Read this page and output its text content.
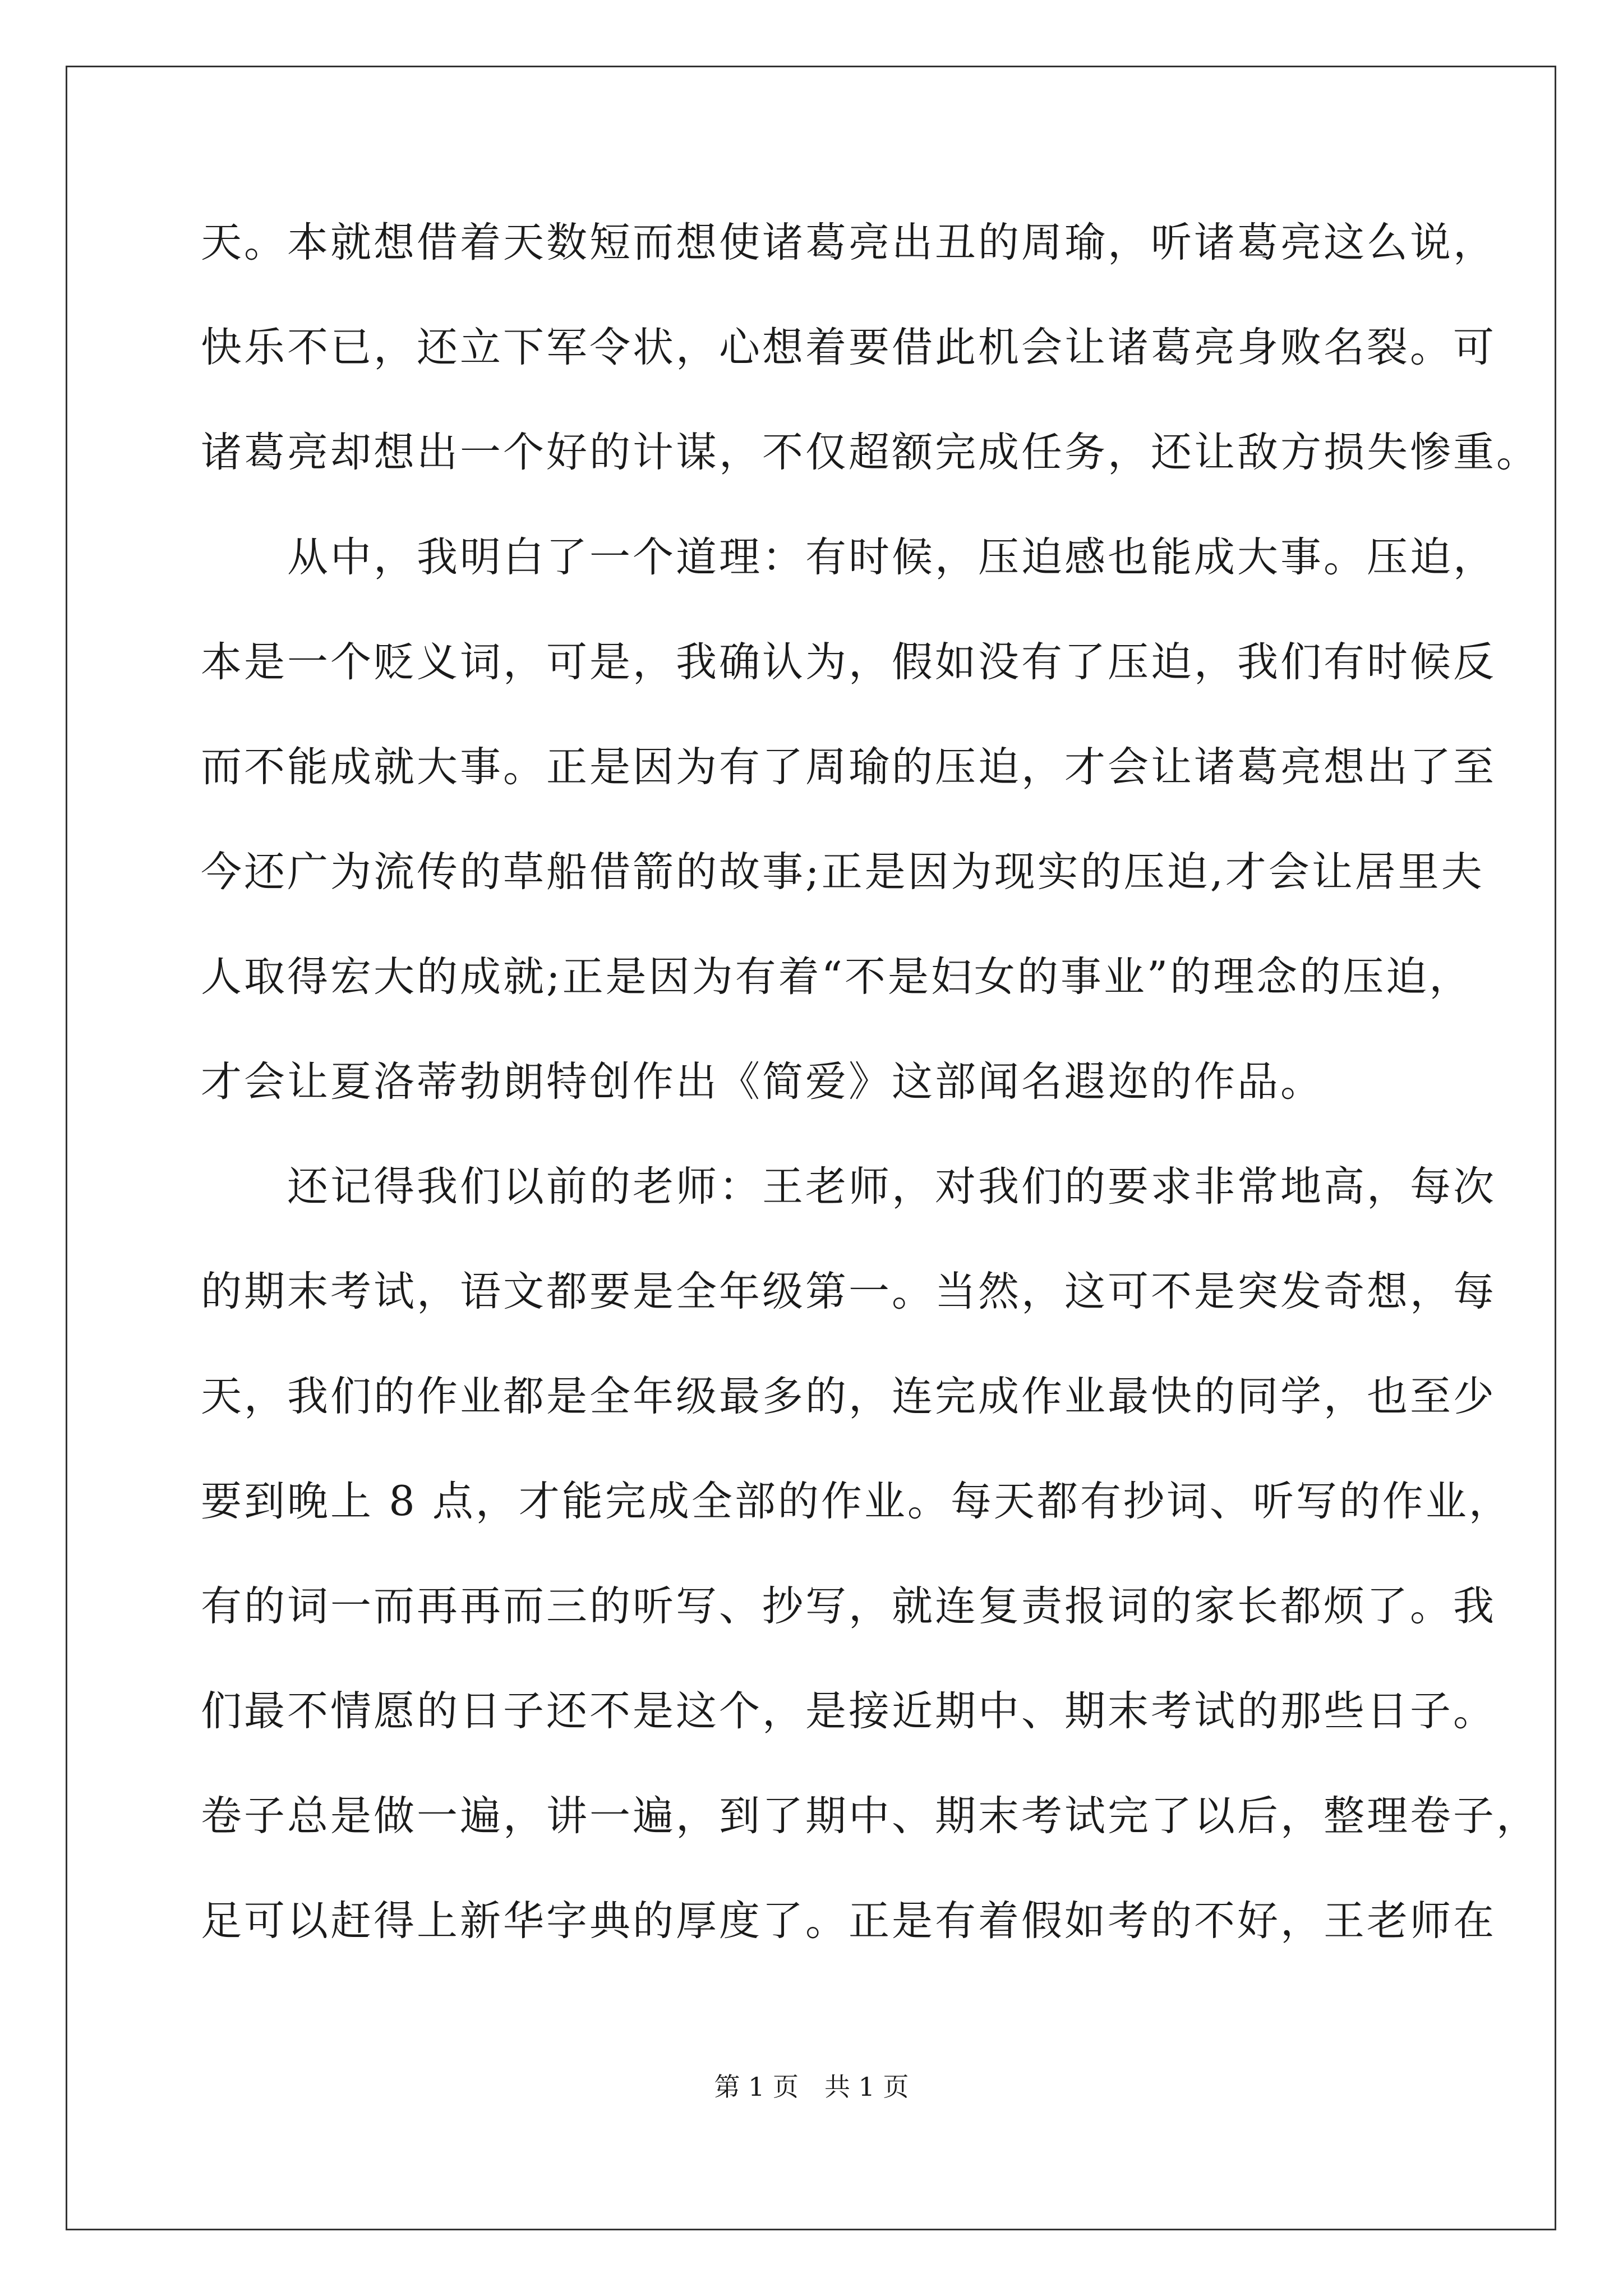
天。本就想借着天数短而想使诸葛亮出丑的周瑜，听诸葛亮这么说，
快乐不已，还立下军令状，心想着要借此机会让诸葛亮身败名裂。可
诸葛亮却想出一个好的计谋，不仅超额完成任务，还让敌方损失惨重。
　　从中，我明白了一个道理：有时候，压迫感也能成大事。压迫，
本是一个贬义词，可是，我确认为，假如没有了压迫，我们有时候反
而不能成就大事。正是因为有了周瑜的压迫，才会让诸葛亮想出了至
今还广为流传的草船借箭的故事;正是因为现实的压迫,才会让居里夫
人取得宏大的成就;正是因为有着“不是妇女的事业”的理念的压迫，
才会让夏洛蒂勃朗特创作出《简爱》这部闻名遐迩的作品。
　　还记得我们以前的老师：王老师，对我们的要求非常地高，每次
的期末考试，语文都要是全年级第一。当然，这可不是突发奇想，每
天，我们的作业都是全年级最多的，连完成作业最快的同学，也至少
要到晚上 8 点，才能完成全部的作业。每天都有抄词、听写的作业，
有的词一而再再而三的听写、抄写，就连复责报词的家长都烦了。我
们最不情愿的日子还不是这个，是接近期中、期末考试的那些日子。
卷子总是做一遍，讲一遍，到了期中、期末考试完了以后，整理卷子，
足可以赶得上新华字典的厚度了。正是有着假如考的不好，王老师在
第 1 页　共 1 页
